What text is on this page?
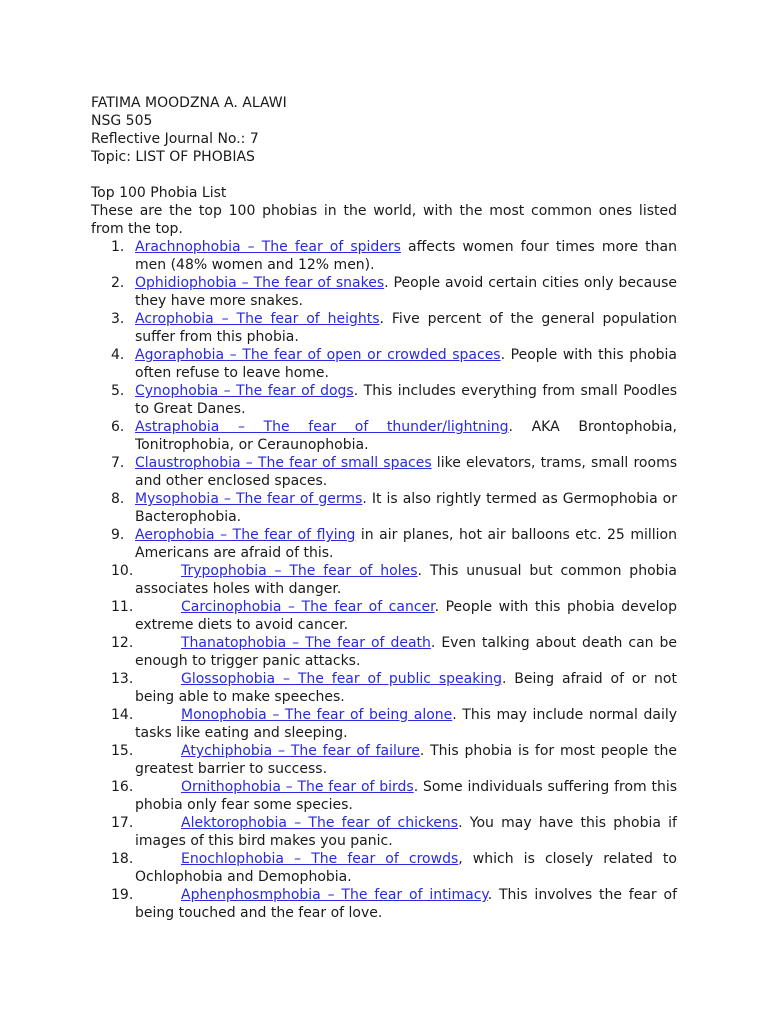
FATIMA MOODZNA A. ALAWI

NSG 505

Reflective Journal No.: 7

Topic: LIST OF PHOBIAS

Top 100 Phobia List

These are the top 100 phobias in the world, with the most common ones listed from the top.

1. Arachnophobia – The fear of spiders affects women four times more than men (48% women and 12% men).
2. Ophidiophobia – The fear of snakes. People avoid certain cities only because they have more snakes.
3. Acrophobia – The fear of heights. Five percent of the general population suffer from this phobia.
4. Agoraphobia – The fear of open or crowded spaces. People with this phobia often refuse to leave home.
5. Cynophobia – The fear of dogs. This includes everything from small Poodles to Great Danes.
6. Astraphobia – The fear of thunder/lightning. AKA Brontophobia, Tonitrophobia, or Ceraunophobia.
7. Claustrophobia – The fear of small spaces like elevators, trams, small rooms and other enclosed spaces.
8. Mysophobia – The fear of germs. It is also rightly termed as Germophobia or Bacterophobia.
9. Aerophobia – The fear of flying in air planes, hot air balloons etc. 25 million Americans are afraid of this.
10.	Trypophobia – The fear of holes. This unusual but common phobia associates holes with danger.
11.	Carcinophobia – The fear of cancer. People with this phobia develop extreme diets to avoid cancer.
12.	Thanatophobia – The fear of death. Even talking about death can be enough to trigger panic attacks.
13.	Glossophobia – The fear of public speaking. Being afraid of or not being able to make speeches.
14.	Monophobia – The fear of being alone. This may include normal daily tasks like eating and sleeping.
15.	Atychiphobia – The fear of failure. This phobia is for most people the greatest barrier to success.
16.	Ornithophobia – The fear of birds. Some individuals suffering from this phobia only fear some species.
17.	Alektorophobia – The fear of chickens. You may have this phobia if images of this bird makes you panic.
18.	Enochlophobia – The fear of crowds, which is closely related to Ochlophobia and Demophobia.
19.	Aphenphosmphobia – The fear of intimacy. This involves the fear of being touched and the fear of love.
